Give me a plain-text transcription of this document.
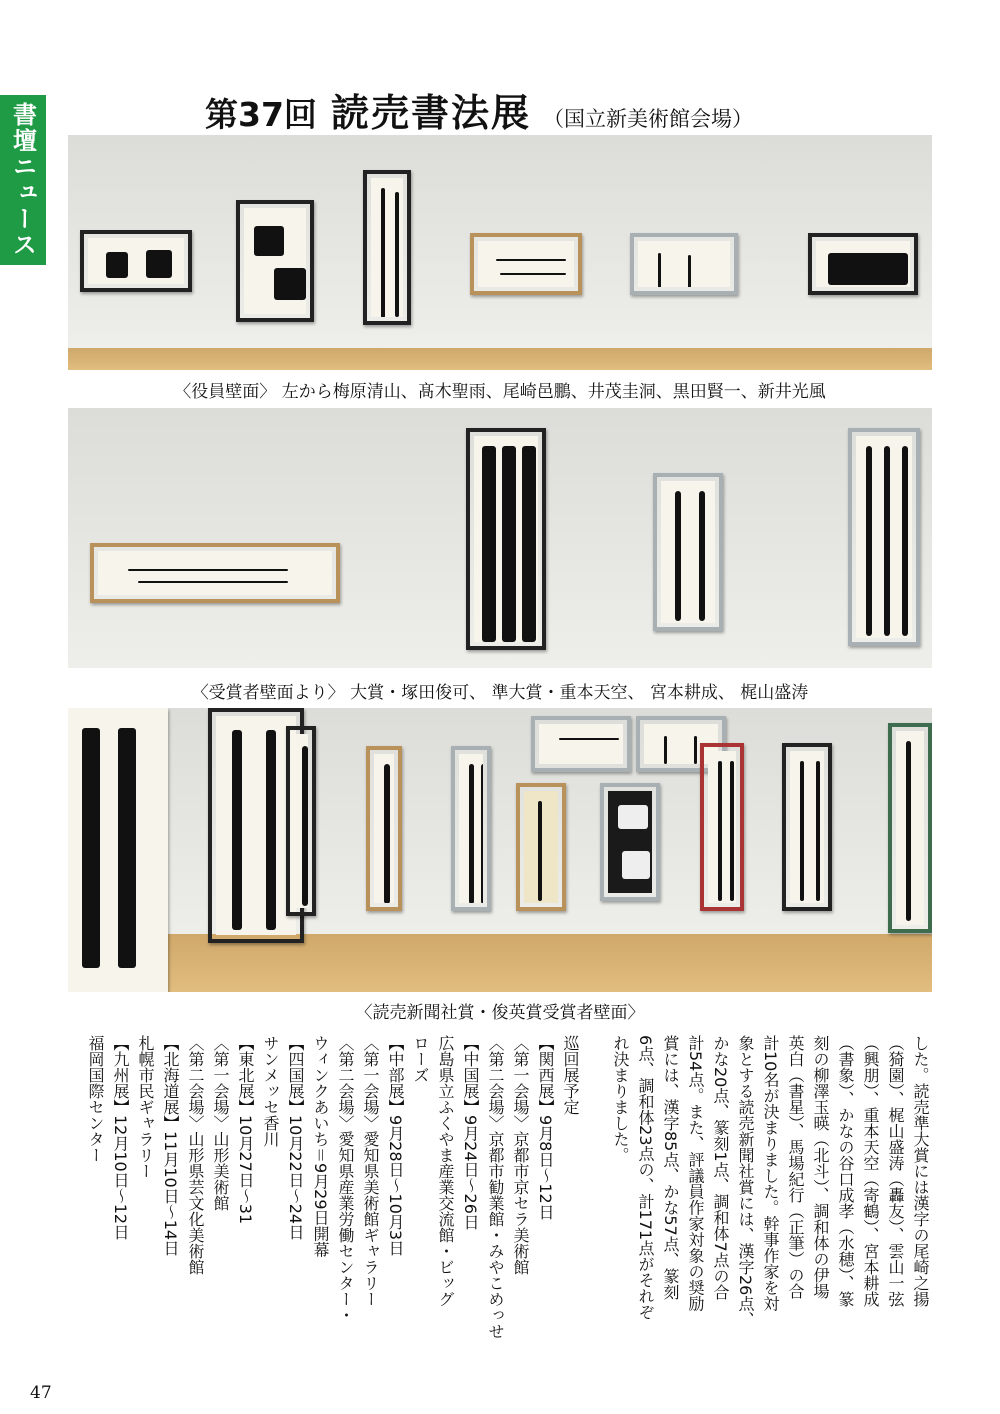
書壇ニュース	第37回 読売書法展 （国立新美術館会場）
〈役員壁面〉 左から梅原清山、髙木聖雨、尾崎邑鵬、井茂圭洞、黒田賢一、新井光風
〈受賞者壁面より〉 大賞・塚田俊可、 準大賞・重本天空、 宮本耕成、 梶山盛涛
〈読売新聞社賞・俊英賞受賞者壁面〉
した。読売準大賞には漢字の尾崎之揚
（猗園）、梶山盛涛（轟友）、雲山一弦
（興朋）、重本天空（寄鶴）、宮本耕成
（書象）、かなの谷口成孝（水穂）、篆
刻の柳澤玉暎（北斗）、調和体の伊場
英白（書星）、馬場紀行（正筆）の合
計10名が決まりました。幹事作家を対
象とする読売新聞社賞には、漢字26点、
かな20点、篆刻1点、調和体7点の合
計54点。また、評議員作家対象の奨励
賞には、漢字85点、かな57点、篆刻
6点、調和体23点の、計171点がそれぞ
れ決まりました。
巡回展予定
【関西展】9月8日〜12日
〈第一会場〉京都市京セラ美術館
〈第二会場〉京都市勧業館・みやこめっせ
【中国展】9月24日〜26日
広島県立ふくやま産業交流館・ビッグ
ローズ
【中部展】9月28日〜10月3日
〈第一会場〉愛知県美術館ギャラリー
〈第二会場〉愛知県産業労働センター・
ウィンクあいち＝9月29日開幕
【四国展】10月22日〜24日
サンメッセ香川
【東北展】10月27日〜31
〈第一会場〉山形美術館
〈第二会場〉山形県芸文化美術館
【北海道展】11月10日〜14日
札幌市民ギャラリー
【九州展】12月10日〜12日
福岡国際センター
47
